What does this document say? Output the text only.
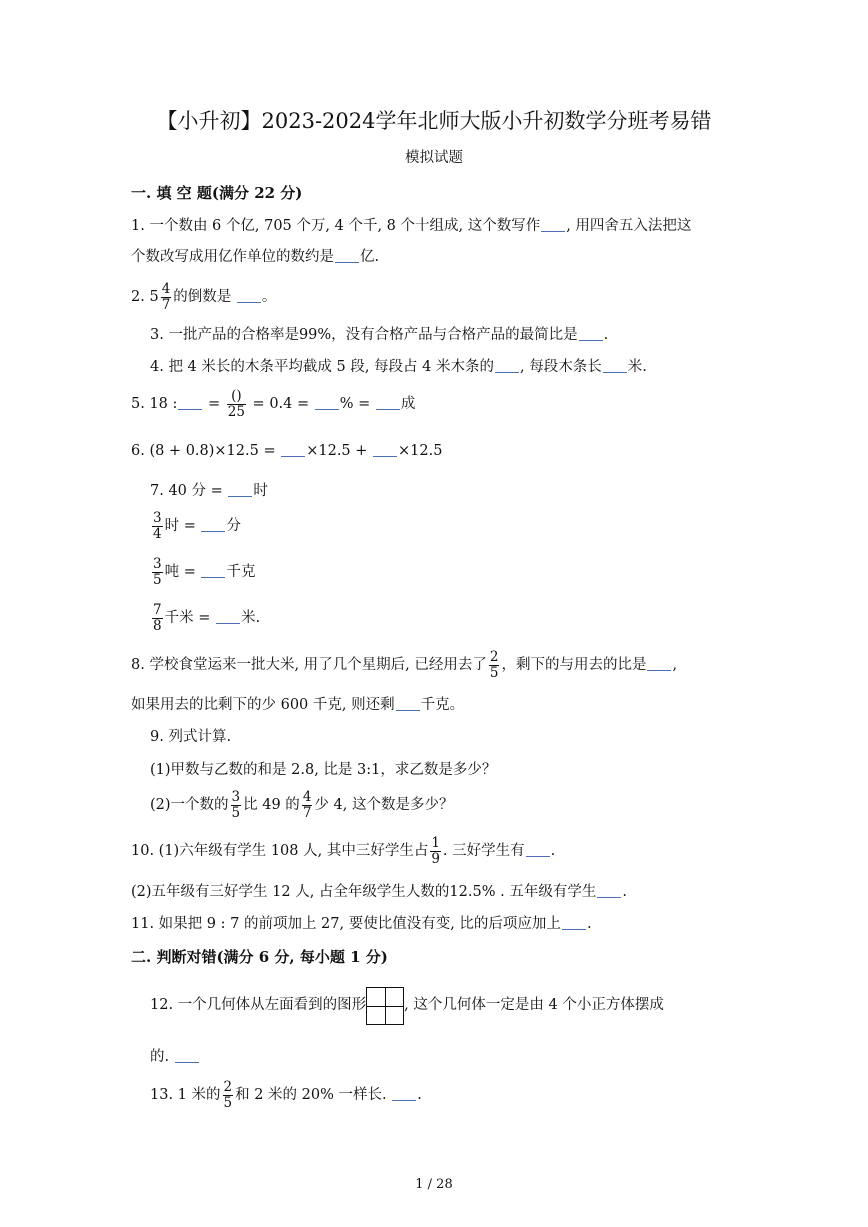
【小升初】2023-2024学年北师大版小升初数学分班考易错
模拟试题
一. 填 空 题(满分 22 分)
1. 一个数由 6 个亿, 705 个万, 4 个千, 8 个十组成, 这个数写作 , 用四舍五入法把这
个数改写成用亿作单位的数约是 亿.
2. $5 \frac{4}{7}$ 的倒数是 。
3. 一批产品的合格率是99%，没有合格产品与合格产品的最简比是 .
4. 把 4 米长的木条平均截成 5 段, 每段占 4 米木条的 , 每段木条长 米.
5. 18 : = $\frac{()}{25} = 0.4$ = % = 成
6. (8 + 0.8)×12.5 = ×12.5 + ×12.5
7. 40 分 = 时
$\frac{3}{4}$ 时 = 分
$\frac{3}{5}$ 吨 = 千克
$\frac{7}{8}$ 千米 = 米.
8. 学校食堂运来一批大米, 用了几个星期后, 已经用去了 $\frac{2}{5}$ ，剩下的与用去的比是 ,
如果用去的比剩下的少 600 千克, 则还剩 千克。
9. 列式计算.
(1)甲数与乙数的和是 2.8, 比是 3:1，求乙数是多少？
(2)一个数的 $\frac{3}{5}$ 比 49 的 $\frac{4}{7}$ 少 4, 这个数是多少？
10. (1)六年级有学生 108 人, 其中三好学生占 $\frac{1}{9}$ . 三好学生有 .
(2)五年级有三好学生 12 人, 占全年级学生人数的12.5% . 五年级有学生 .
11. 如果把 9 : 7 的前项加上 27, 要使比值没有变, 比的后项应加上 .
二. 判断对错(满分 6 分, 每小题 1 分)
12. 一个几何体从左面看到的图形	, 这个几何体一定是由 4 个小正方体摆成
的.
13. 1 米的 $\frac{2}{5}$ 和 2 米的 20% 一样长. .
1 / 28
